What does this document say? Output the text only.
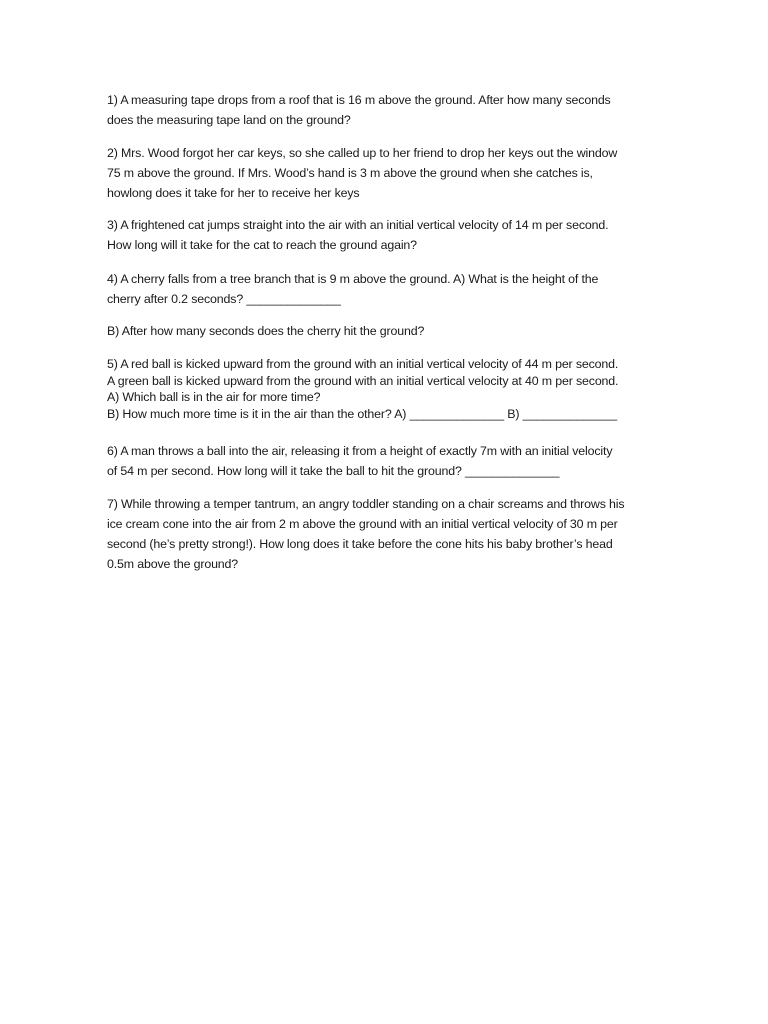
1) A measuring tape drops from a roof that is 16 m above the ground. After how many seconds
does the measuring tape land on the ground?
2) Mrs. Wood forgot her car keys, so she called up to her friend to drop her keys out the window
75 m above the ground. If Mrs. Wood’s hand is 3 m above the ground when she catches is,
howlong does it take for her to receive her keys
3) A frightened cat jumps straight into the air with an initial vertical velocity of 14 m per second.
How long will it take for the cat to reach the ground again?
4) A cherry falls from a tree branch that is 9 m above the ground. A) What is the height of the
cherry after 0.2 seconds? ______________
B) After how many seconds does the cherry hit the ground?
5) A red ball is kicked upward from the ground with an initial vertical velocity of 44 m per second.
A green ball is kicked upward from the ground with an initial vertical velocity at 40 m per second.
A) Which ball is in the air for more time?
B) How much more time is it in the air than the other? A) ______________ B) ______________
6) A man throws a ball into the air, releasing it from a height of exactly 7m with an initial velocity
of 54 m per second. How long will it take the ball to hit the ground? ______________
7) While throwing a temper tantrum, an angry toddler standing on a chair screams and throws his
ice cream cone into the air from 2 m above the ground with an initial vertical velocity of 30 m per
second (he’s pretty strong!). How long does it take before the cone hits his baby brother’s head
0.5m above the ground?
